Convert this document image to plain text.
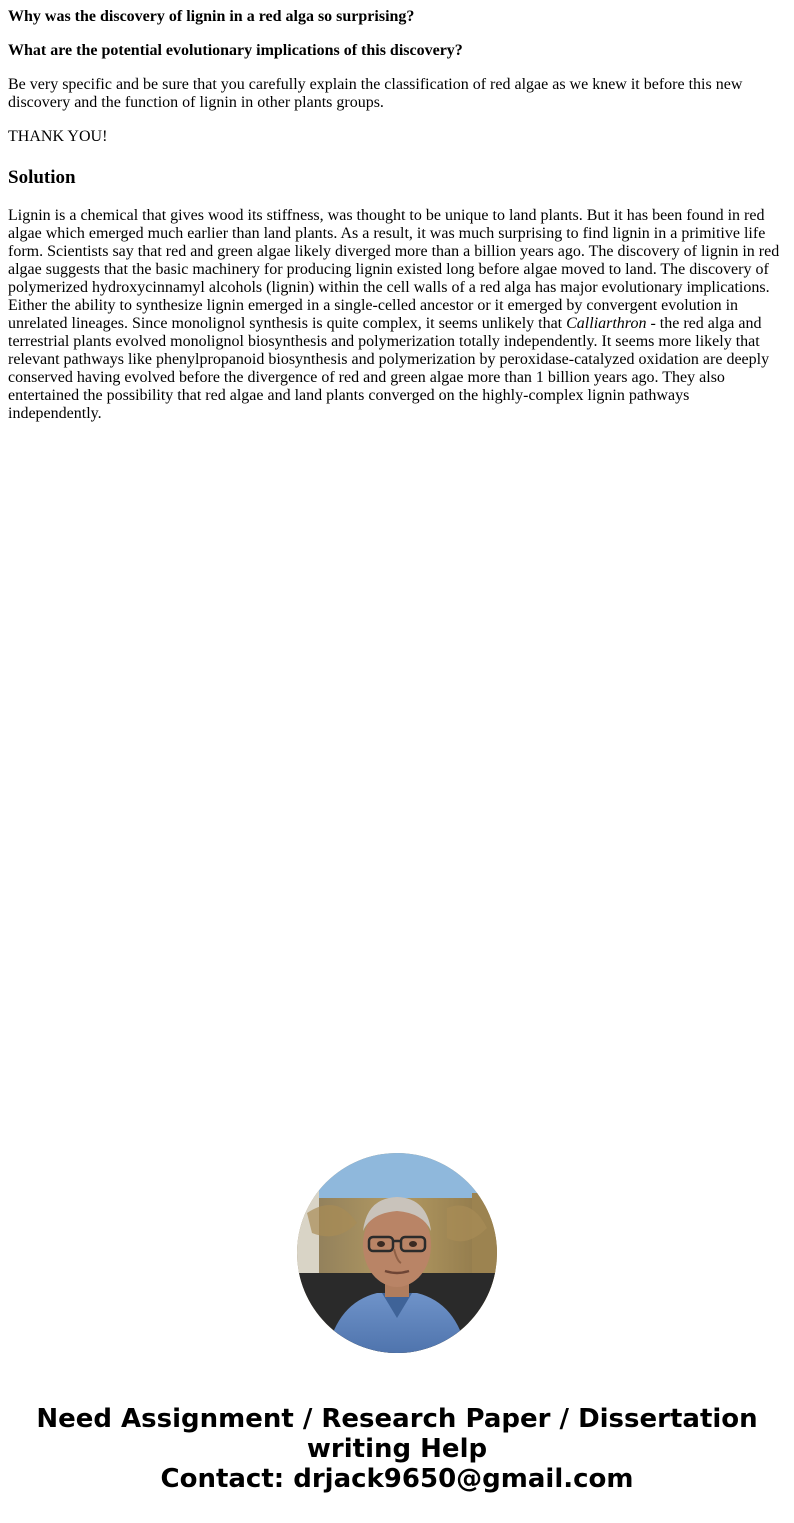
Why was the discovery of lignin in a red alga so surprising?

What are the potential evolutionary implications of this discovery?

Be very specific and be sure that you carefully explain the classification of red algae as we knew it before this new discovery and the function of lignin in other plants groups.

THANK YOU!

Solution

Lignin is a chemical that gives wood its stiffness, was thought to be unique to land plants. But it has been found in red algae which emerged much earlier than land plants. As a result, it was much surprising to find lignin in a primitive life form. Scientists say that red and green algae likely diverged more than a billion years ago. The discovery of lignin in red algae suggests that the basic machinery for producing lignin existed long before algae moved to land. The discovery of polymerized hydroxycinnamyl alcohols (lignin) within the cell walls of a red alga has major evolutionary implications. Either the ability to synthesize lignin emerged in a single-celled ancestor or it emerged by convergent evolution in unrelated lineages. Since monolignol synthesis is quite complex, it seems unlikely that Calliarthron - the red alga and terrestrial plants evolved monolignol biosynthesis and polymerization totally independently. It seems more likely that relevant pathways like phenylpropanoid biosynthesis and polymerization by peroxidase-catalyzed oxidation are deeply conserved having evolved before the divergence of red and green algae more than 1 billion years ago. They also entertained the possibility that red algae and land plants converged on the highly-complex lignin pathways independently.

Need Assignment / Research Paper / Dissertation
writing Help
Contact: drjack9650@gmail.com
